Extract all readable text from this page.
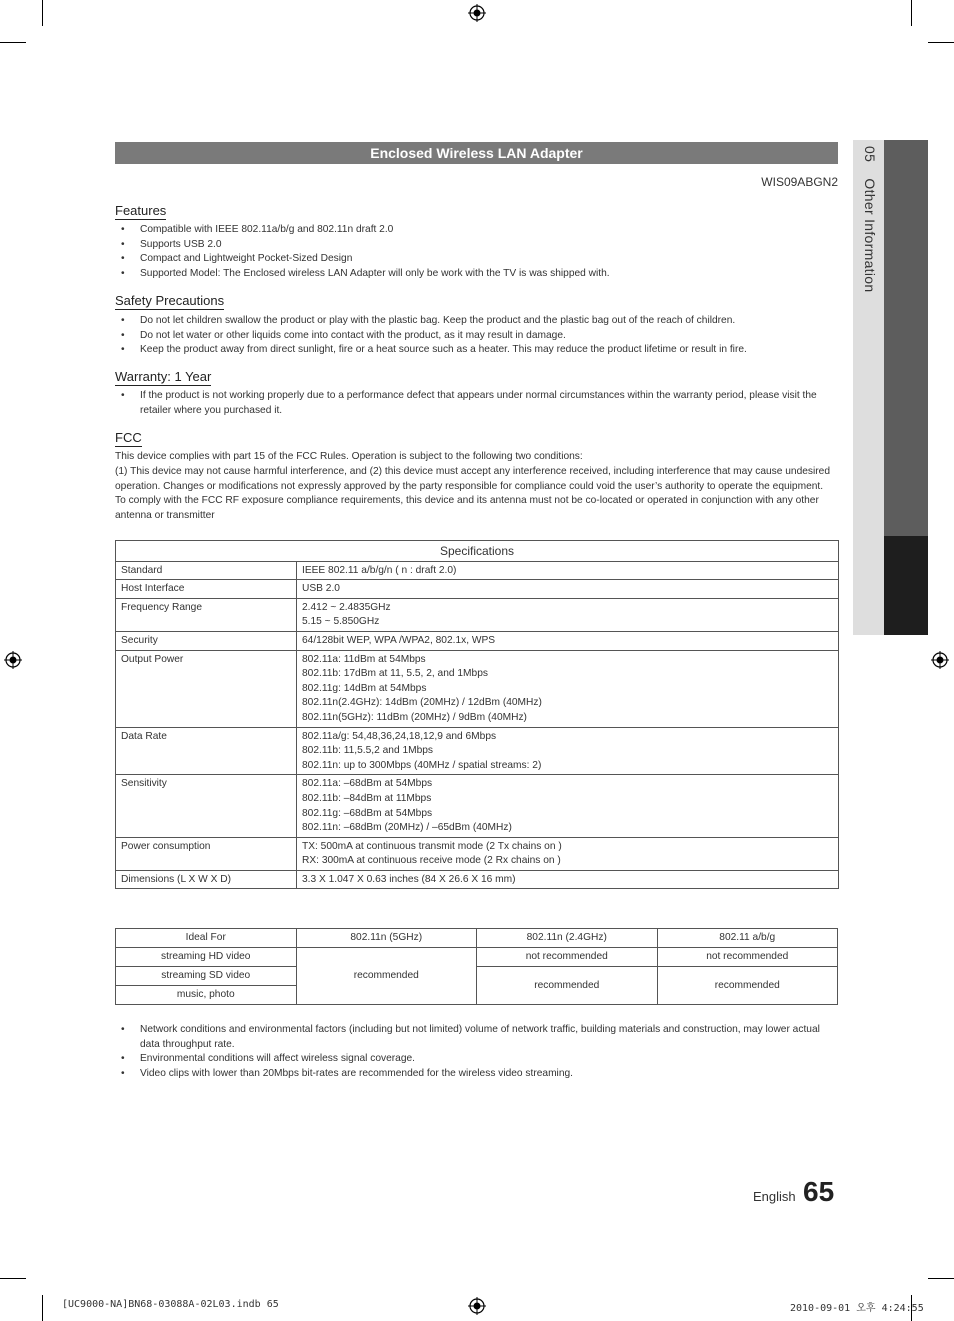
05 Other Information
Enclosed Wireless LAN Adapter
WIS09ABGN2
Features
• Compatible with IEEE 802.11a/b/g and 802.11n draft 2.0
• Supports USB 2.0
• Compact and Lightweight Pocket-Sized Design
• Supported Model: The Enclosed wireless LAN Adapter will only be work with the TV is was shipped with.
Safety Precautions
• Do not let children swallow the product or play with the plastic bag. Keep the product and the plastic bag out of the reach of children.
• Do not let water or other liquids come into contact with the product, as it may result in damage.
• Keep the product away from direct sunlight, fire or a heat source such as a heater. This may reduce the product lifetime or result in fire.
Warranty: 1 Year
• If the product is not working properly due to a performance defect that appears under normal circumstances within the warranty period, please visit the retailer where you purchased it.
FCC

This device complies with part 15 of the FCC Rules. Operation is subject to the following two conditions:

(1) This device may not cause harmful interference, and (2) this device must accept any interference received, including interference that may cause undesired operation. Changes or modifications not expressly approved by the party responsible for compliance could void the user’s authority to operate the equipment. To comply with the FCC RF exposure compliance requirements, this device and its antenna must not be co-located or operated in conjunction with any other antenna or transmitter

Specifications	
Standard	IEEE 802.11 a/b/g/n ( n : draft 2.0)

Host Interface	USB 2.0

Frequency Range	2.412 ~ 2.4835GHz
5.15 ~ 5.850GHz

Security	64/128bit WEP, WPA /WPA2, 802.1x, WPS

Output Power	802.11a: 11dBm at 54Mbps
802.11b: 17dBm at 11, 5.5, 2, and 1Mbps
802.11g: 14dBm at 54Mbps
802.11n(2.4GHz): 14dBm (20MHz) / 12dBm (40MHz)
802.11n(5GHz): 11dBm (20MHz) / 9dBm (40MHz)

Data Rate	802.11a/g: 54,48,36,24,18,12,9 and 6Mbps
802.11b: 11,5.5,2 and 1Mbps
802.11n: up to 300Mbps (40MHz / spatial streams: 2)

Sensitivity	802.11a: –68dBm at 54Mbps
802.11b: –84dBm at 11Mbps
802.11g: –68dBm at 54Mbps
802.11n: –68dBm (20MHz) / –65dBm (40MHz)

Power consumption	TX: 500mA at continuous transmit mode (2 Tx chains on )
RX: 300mA at continuous receive mode (2 Rx chains on )

Dimensions (L X W X D)	3.3 X 1.047 X 0.63 inches (84 X 26.6 X 16 mm)
Ideal For	802.11n (5GHz)	802.11n (2.4GHz)	802.11 a/b/g
streaming HD video	recommended	not recommended	not recommended
streaming SD video		recommended	recommended
music, photo			
• Network conditions and environmental factors (including but not limited) volume of network traffic, building materials and construction, may lower actual data throughput rate.
• Environmental conditions will affect wireless signal coverage.
• Video clips with lower than 20Mbps bit-rates are recommended for the wireless video streaming.
English 65
[UC9000-NA]BN68-03088A-02L03.indb 65	2010-09-01 오후 4:24:55
